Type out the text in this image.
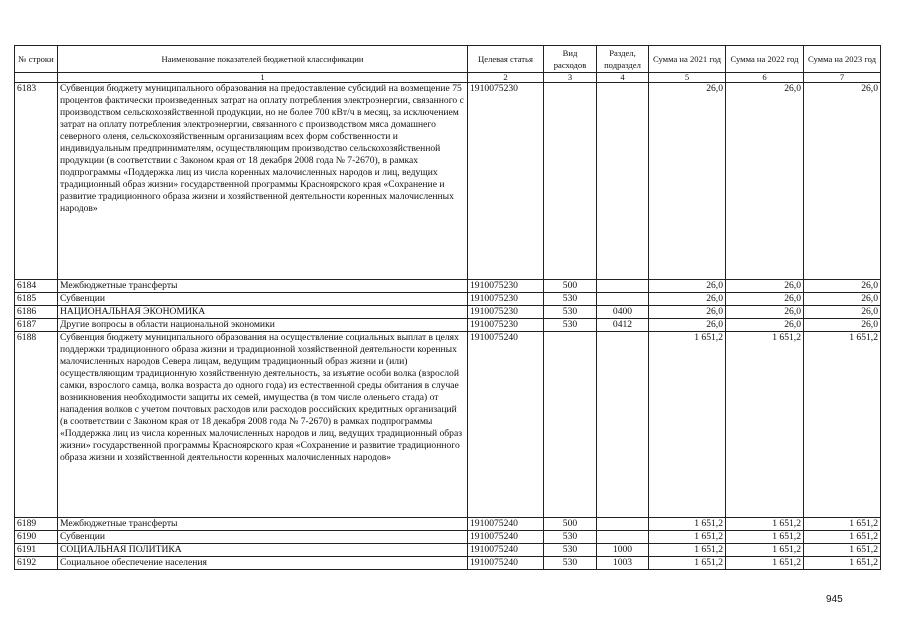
№ строки	Наименование показателей бюджетной классификации	Целевая статья	Вид расходов	Раздел, подраздел	Сумма на 2021 год	Сумма на 2022 год	Сумма на 2023 год
	1	2	3	4	5	6	7
6183	Субвенция бюджету муниципального образования на предоставление субсидий на возмещение 75 процентов фактически произведенных затрат на оплату потребления электроэнергии, связанного с производством сельскохозяйственной продукции, но не более 700 кВт/ч в месяц, за исключением затрат на оплату потребления электроэнергии, связанного с производством мяса домашнего северного оленя, сельскохозяйственным организациям всех форм собственности и индивидуальным предпринимателям, осуществляющим производство сельскохозяйственной продукции (в соответствии с Законом края от 18 декабря 2008 года № 7-2670), в рамках подпрограммы «Поддержка лиц из числа коренных малочисленных народов и лиц, ведущих традиционный образ жизни» государственной программы Красноярского края «Сохранение и развитие традиционного образа жизни и хозяйственной деятельности коренных малочисленных народов»	1910075230			26,0	26,0	26,0
6184	Межбюджетные трансферты	1910075230	500		26,0	26,0	26,0
6185	Субвенции	1910075230	530		26,0	26,0	26,0
6186	НАЦИОНАЛЬНАЯ ЭКОНОМИКА	1910075230	530	0400	26,0	26,0	26,0
6187	Другие вопросы в области национальной экономики	1910075230	530	0412	26,0	26,0	26,0
6188	Субвенция бюджету муниципального образования на осуществление социальных выплат в целях поддержки традиционного образа жизни и традиционной хозяйственной деятельности коренных малочисленных народов Севера лицам, ведущим традиционный образ жизни и (или) осуществляющим традиционную хозяйственную деятельность, за изъятие особи волка (взрослой самки, взрослого самца, волка возраста до одного года) из естественной среды обитания в случае возникновения необходимости защиты их семей, имущества (в том числе оленьего стада) от нападения волков с учетом почтовых расходов или расходов российских кредитных организаций (в соответствии с Законом края от 18 декабря 2008 года № 7-2670) в рамках подпрограммы «Поддержка лиц из числа коренных малочисленных народов и лиц, ведущих традиционный образ жизни» государственной программы Красноярского края «Сохранение и развитие традиционного образа жизни и хозяйственной деятельности коренных малочисленных народов»	1910075240			1 651,2	1 651,2	1 651,2
6189	Межбюджетные трансферты	1910075240	500		1 651,2	1 651,2	1 651,2
6190	Субвенции	1910075240	530		1 651,2	1 651,2	1 651,2
6191	СОЦИАЛЬНАЯ ПОЛИТИКА	1910075240	530	1000	1 651,2	1 651,2	1 651,2
6192	Социальное обеспечение населения	1910075240	530	1003	1 651,2	1 651,2	1 651,2
945
